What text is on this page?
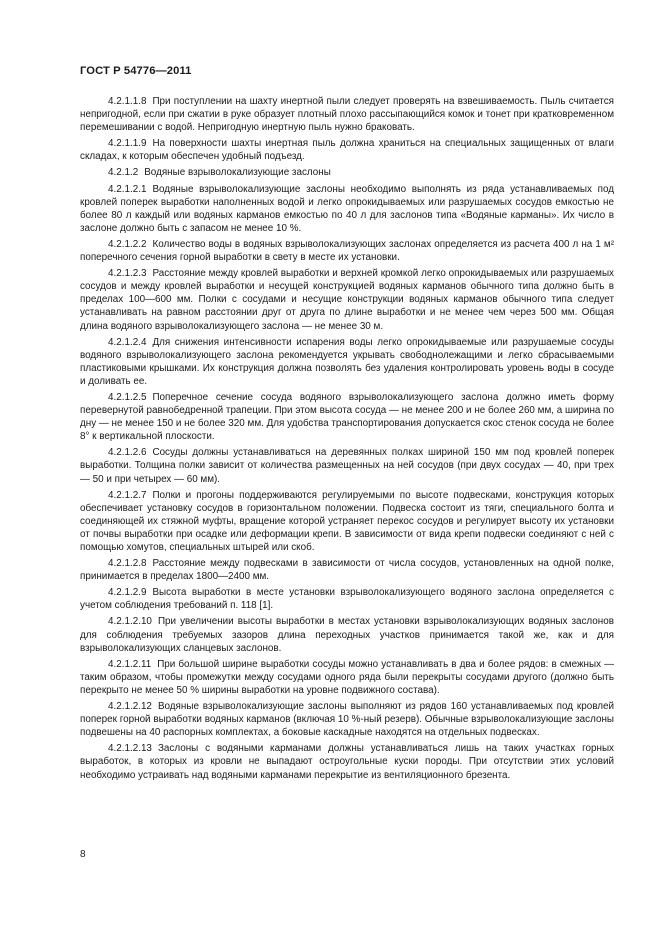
ГОСТ Р 54776—2011

4.2.1.1.8 При поступлении на шахту инертной пыли следует проверять на взвешиваемость. Пыль считается непригодной, если при сжатии в руке образует плотный плохо рассыпающийся комок и тонет при кратковременном перемешивании с водой. Непригодную инертную пыль нужно браковать.

4.2.1.1.9 На поверхности шахты инертная пыль должна храниться на специальных защищенных от влаги складах, к которым обеспечен удобный подъезд.

4.2.1.2 Водяные взрыволокализующие заслоны

4.2.1.2.1 Водяные взрыволокализующие заслоны необходимо выполнять из ряда устанавливаемых под кровлей поперек выработки наполненных водой и легко опрокидываемых или разрушаемых сосудов емкостью не более 80 л каждый или водяных карманов емкостью по 40 л для заслонов типа «Водяные карманы». Их число в заслоне должно быть с запасом не менее 10 %.

4.2.1.2.2 Количество воды в водяных взрыволокализующих заслонах определяется из расчета 400 л на 1 м² поперечного сечения горной выработки в свету в месте их установки.

4.2.1.2.3 Расстояние между кровлей выработки и верхней кромкой легко опрокидываемых или разрушаемых сосудов и между кровлей выработки и несущей конструкцией водяных карманов обычного типа должно быть в пределах 100—600 мм. Полки с сосудами и несущие конструкции водяных карманов обычного типа следует устанавливать на равном расстоянии друг от друга по длине выработки и не менее чем через 500 мм. Общая длина водяного взрыволокализующего заслона — не менее 30 м.

4.2.1.2.4 Для снижения интенсивности испарения воды легко опрокидываемые или разрушаемые сосуды водяного взрыволокализующего заслона рекомендуется укрывать свободнолежащими и легко сбрасываемыми пластиковыми крышками. Их конструкция должна позволять без удаления контролировать уровень воды в сосуде и доливать ее.

4.2.1.2.5 Поперечное сечение сосуда водяного взрыволокализующего заслона должно иметь форму перевернутой равнобедренной трапеции. При этом высота сосуда — не менее 200 и не более 260 мм, а ширина по дну — не менее 150 и не более 320 мм. Для удобства транспортирования допускается скос стенок сосуда не более 8° к вертикальной плоскости.

4.2.1.2.6 Сосуды должны устанавливаться на деревянных полках шириной 150 мм под кровлей поперек выработки. Толщина полки зависит от количества размещенных на ней сосудов (при двух сосудах — 40, при трех — 50 и при четырех — 60 мм).

4.2.1.2.7 Полки и прогоны поддерживаются регулируемыми по высоте подвесками, конструкция которых обеспечивает установку сосудов в горизонтальном положении. Подвеска состоит из тяги, специального болта и соединяющей их стяжной муфты, вращение которой устраняет перекос сосудов и регулирует высоту их установки от почвы выработки при осадке или деформации крепи. В зависимости от вида крепи подвески соединяют с ней с помощью хомутов, специальных штырей или скоб.

4.2.1.2.8 Расстояние между подвесками в зависимости от числа сосудов, установленных на одной полке, принимается в пределах 1800—2400 мм.

4.2.1.2.9 Высота выработки в месте установки взрыволокализующего водяного заслона определяется с учетом соблюдения требований п. 118 [1].

4.2.1.2.10 При увеличении высоты выработки в местах установки взрыволокализующих водяных заслонов для соблюдения требуемых зазоров длина переходных участков принимается такой же, как и для взрыволокализующих сланцевых заслонов.

4.2.1.2.11 При большой ширине выработки сосуды можно устанавливать в два и более рядов: в смежных — таким образом, чтобы промежутки между сосудами одного ряда были перекрыты сосудами другого (должно быть перекрыто не менее 50 % ширины выработки на уровне подвижного состава).

4.2.1.2.12 Водяные взрыволокализующие заслоны выполняют из рядов 160 устанавливаемых под кровлей поперек горной выработки водяных карманов (включая 10 %-ный резерв). Обычные взрыволокализующие заслоны подвешены на 40 распорных комплектах, а боковые каскадные находятся на отдельных подвесках.

4.2.1.2.13 Заслоны с водяными карманами должны устанавливаться лишь на таких участках горных выработок, в которых из кровли не выпадают остроугольные куски породы. При отсутствии этих условий необходимо устраивать над водяными карманами перекрытие из вентиляционного брезента.

8
